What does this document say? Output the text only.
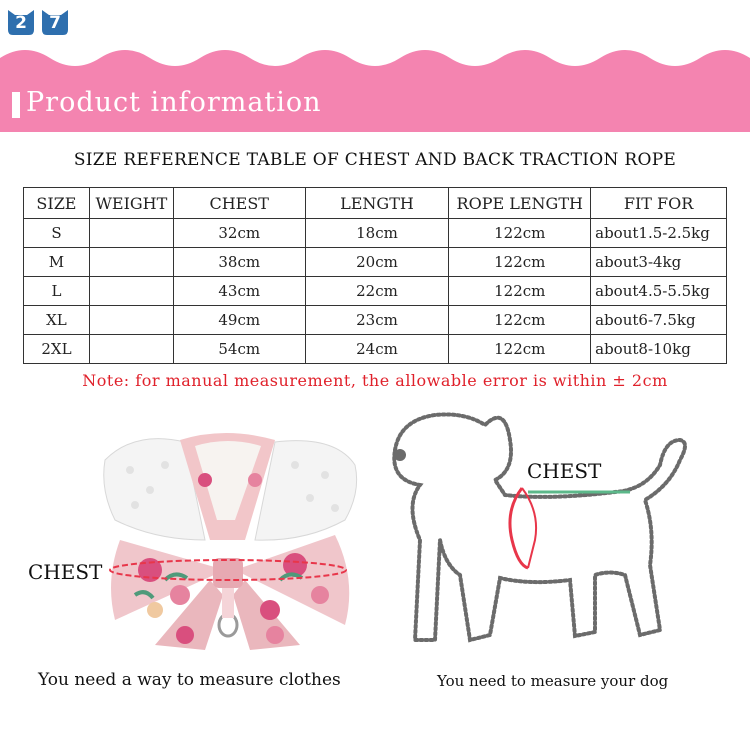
2	7
Product information
SIZE REFERENCE TABLE OF CHEST AND BACK TRACTION ROPE
SIZE	WEIGHT	CHEST	LENGTH	ROPE LENGTH	FIT FOR
S		32cm	18cm	122cm	about1.5-2.5kg
M		38cm	20cm	122cm	about3-4kg
L		43cm	22cm	122cm	about4.5-5.5kg
XL		49cm	23cm	122cm	about6-7.5kg
2XL		54cm	24cm	122cm	about8-10kg
Note: for manual measurement, the allowable error is within ± 2cm
CHEST
CHEST
You need a way to measure clothes	You need to measure your dog
